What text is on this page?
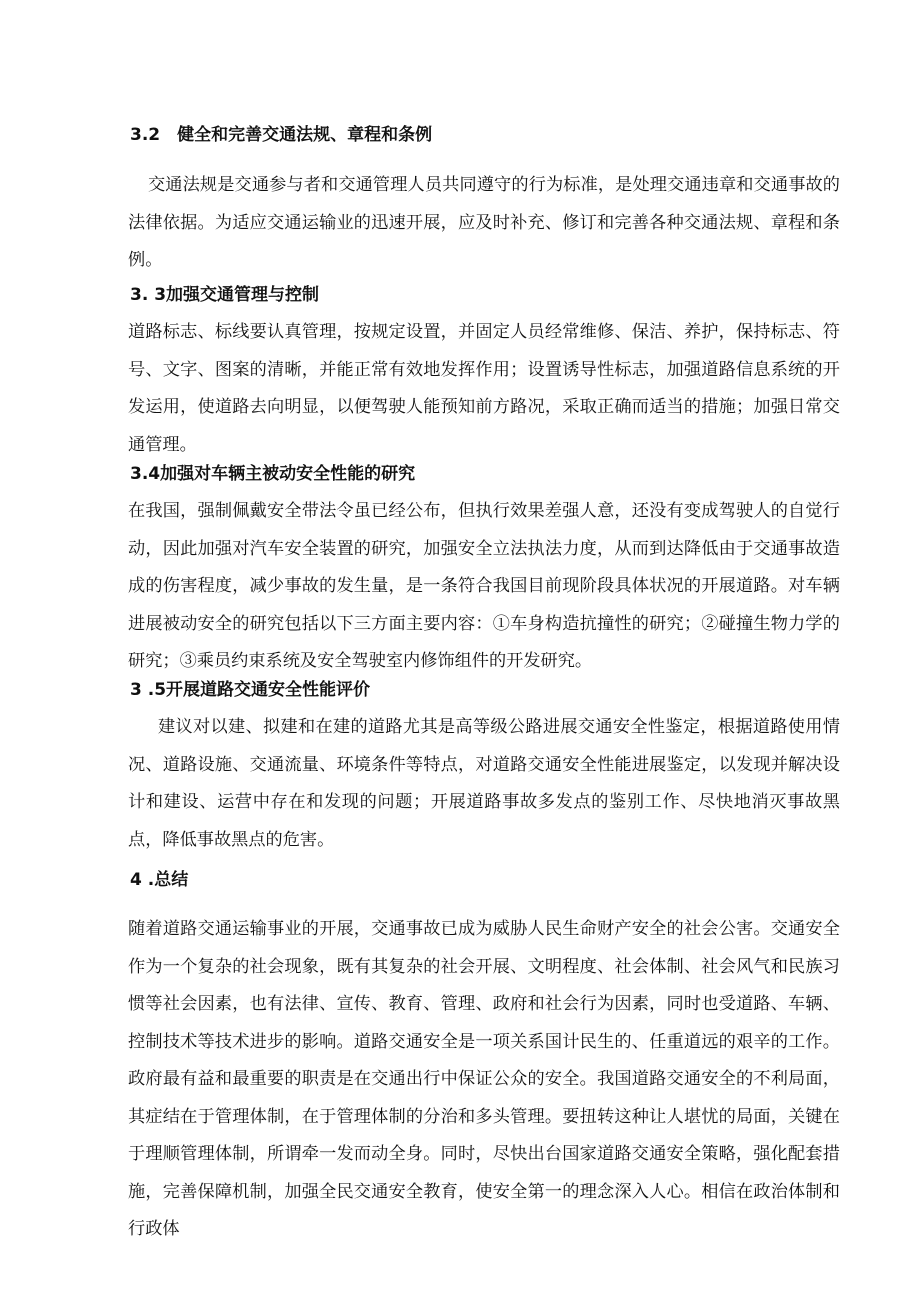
3.2　健全和完善交通法规、章程和条例

交通法规是交通参与者和交通管理人员共同遵守的行为标准，是处理交通违章和交通事故的法律依据。为适应交通运输业的迅速开展，应及时补充、修订和完善各种交通法规、章程和条例。

3. 3加强交通管理与控制

道路标志、标线要认真管理，按规定设置，并固定人员经常维修、保洁、养护，保持标志、符号、文字、图案的清晰，并能正常有效地发挥作用；设置诱导性标志，加强道路信息系统的开发运用，使道路去向明显，以便驾驶人能预知前方路况，采取正确而适当的措施；加强日常交通管理。

3.4加强对车辆主被动安全性能的研究

在我国，强制佩戴安全带法令虽已经公布，但执行效果差强人意，还没有变成驾驶人的自觉行动，因此加强对汽车安全装置的研究，加强安全立法执法力度，从而到达降低由于交通事故造成的伤害程度，减少事故的发生量，是一条符合我国目前现阶段具体状况的开展道路。对车辆进展被动安全的研究包括以下三方面主要内容：①车身构造抗撞性的研究；②碰撞生物力学的研究；③乘员约束系统及安全驾驶室内修饰组件的开发研究。

3 .5开展道路交通安全性能评价

建议对以建、拟建和在建的道路尤其是高等级公路进展交通安全性鉴定，根据道路使用情况、道路设施、交通流量、环境条件等特点，对道路交通安全性能进展鉴定，以发现并解决设计和建设、运营中存在和发现的问题；开展道路事故多发点的鉴别工作、尽快地消灭事故黑点，降低事故黑点的危害。

4 .总结

随着道路交通运输事业的开展，交通事故已成为威胁人民生命财产安全的社会公害。交通安全作为一个复杂的社会现象，既有其复杂的社会开展、文明程度、社会体制、社会风气和民族习惯等社会因素，也有法律、宣传、教育、管理、政府和社会行为因素，同时也受道路、车辆、控制技术等技术进步的影响。道路交通安全是一项关系国计民生的、任重道远的艰辛的工作。政府最有益和最重要的职责是在交通出行中保证公众的安全。我国道路交通安全的不利局面，其症结在于管理体制，在于管理体制的分治和多头管理。要扭转这种让人堪忧的局面，关键在于理顺管理体制，所谓牵一发而动全身。同时，尽快出台国家道路交通安全策略，强化配套措施，完善保障机制，加强全民交通安全教育，使安全第一的理念深入人心。相信在政治体制和行政体
